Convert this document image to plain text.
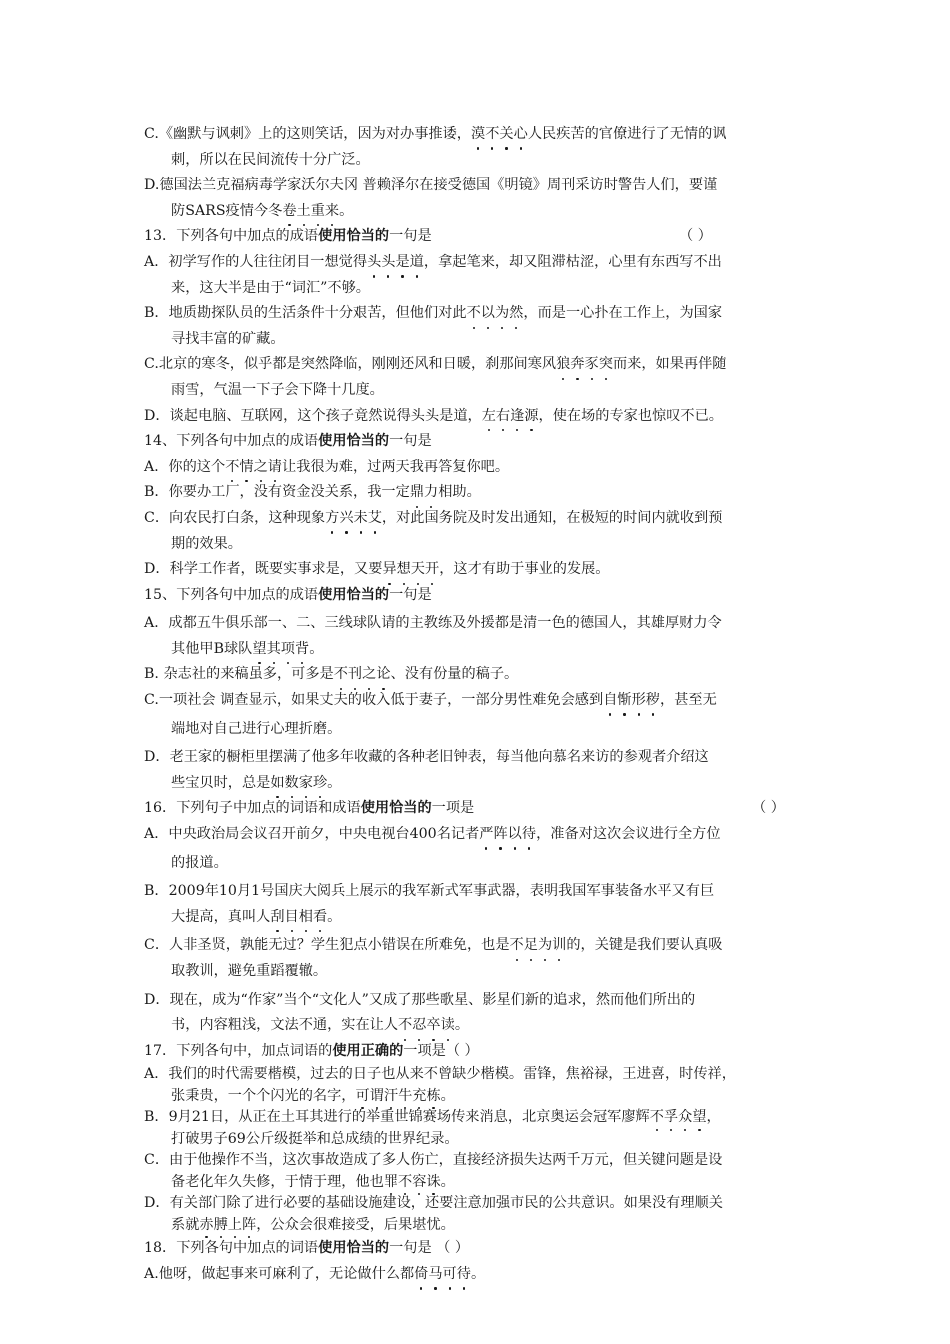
C.《幽默与讽刺》上的这则笑话，因为对办事推诿，漠不关心人民疾苦的官僚进行了无情的讽
刺，所以在民间流传十分广泛。
D.德国法兰克福病毒学家沃尔夫冈 普赖泽尔在接受德国《明镜》周刊采访时警告人们，要谨
防SARS疫情今冬卷土重来。
13．下列各句中加点的成语使用恰当的一句是	（ ）
A．初学写作的人往往闭目一想觉得头头是道，拿起笔来，却又阻滞枯涩，心里有东西写不出
来，这大半是由于“词汇”不够。
B．地质勘探队员的生活条件十分艰苦，但他们对此不以为然，而是一心扑在工作上，为国家
寻找丰富的矿藏。
C.北京的寒冬，似乎都是突然降临，刚刚还风和日暖，刹那间寒风狼奔豕突而来，如果再伴随
雨雪，气温一下子会下降十几度。
D．谈起电脑、互联网，这个孩子竟然说得头头是道，左右逢源，使在场的专家也惊叹不已。
14、下列各句中加点的成语使用恰当的一句是
A．你的这个不情之请让我很为难，过两天我再答复你吧。
B．你要办工厂，没有资金没关系，我一定鼎力相助。
C．向农民打白条，这种现象方兴未艾，对此国务院及时发出通知，在极短的时间内就收到预
期的效果。
D．科学工作者，既要实事求是，又要异想天开，这才有助于事业的发展。
15、下列各句中加点的成语使用恰当的一句是
A．成都五牛俱乐部一、二、三线球队请的主教练及外援都是清一色的德国人，其雄厚财力令
其他甲B球队望其项背。
B. 杂志社的来稿虽多，可多是不刊之论、没有份量的稿子。
C.一项社会 调查显示，如果丈夫的收入低于妻子，一部分男性难免会感到自惭形秽，甚至无
端地对自己进行心理折磨。
D．老王家的橱柜里摆满了他多年收藏的各种老旧钟表，每当他向慕名来访的参观者介绍这
些宝贝时，总是如数家珍。
16．下列句子中加点的词语和成语使用恰当的一项是	（ ）
A．中央政治局会议召开前夕，中央电视台400名记者严阵以待，准备对这次会议进行全方位
的报道。
B．2009年10月1号国庆大阅兵上展示的我军新式军事武器，表明我国军事装备水平又有巨
大提高，真叫人刮目相看。
C．人非圣贤，孰能无过？学生犯点小错误在所难免，也是不足为训的，关键是我们要认真吸
取教训，避免重蹈覆辙。
D．现在，成为“作家”当个“文化人”又成了那些歌星、影星们新的追求，然而他们所出的
书，内容粗浅，文法不通，实在让人不忍卒读。
17．下列各句中，加点词语的使用正确的一项是（ ）
A．我们的时代需要楷模，过去的日子也从来不曾缺少楷模。雷锋，焦裕禄，王进喜，时传祥，
张秉贵，一个个闪光的名字，可谓汗牛充栋。
B．9月21日，从正在土耳其进行的举重世锦赛场传来消息，北京奥运会冠军廖辉不孚众望，
打破男子69公斤级挺举和总成绩的世界纪录。
C．由于他操作不当，这次事故造成了多人伤亡，直接经济损失达两千万元，但关键问题是设
备老化年久失修，于情于理，他也罪不容诛。
D．有关部门除了进行必要的基础设施建设，还要注意加强市民的公共意识。如果没有理顺关
系就赤膊上阵，公众会很难接受，后果堪忧。
18．下列各句中加点的词语使用恰当的一句是 （ ）
A.他呀，做起事来可麻利了，无论做什么都倚马可待。
